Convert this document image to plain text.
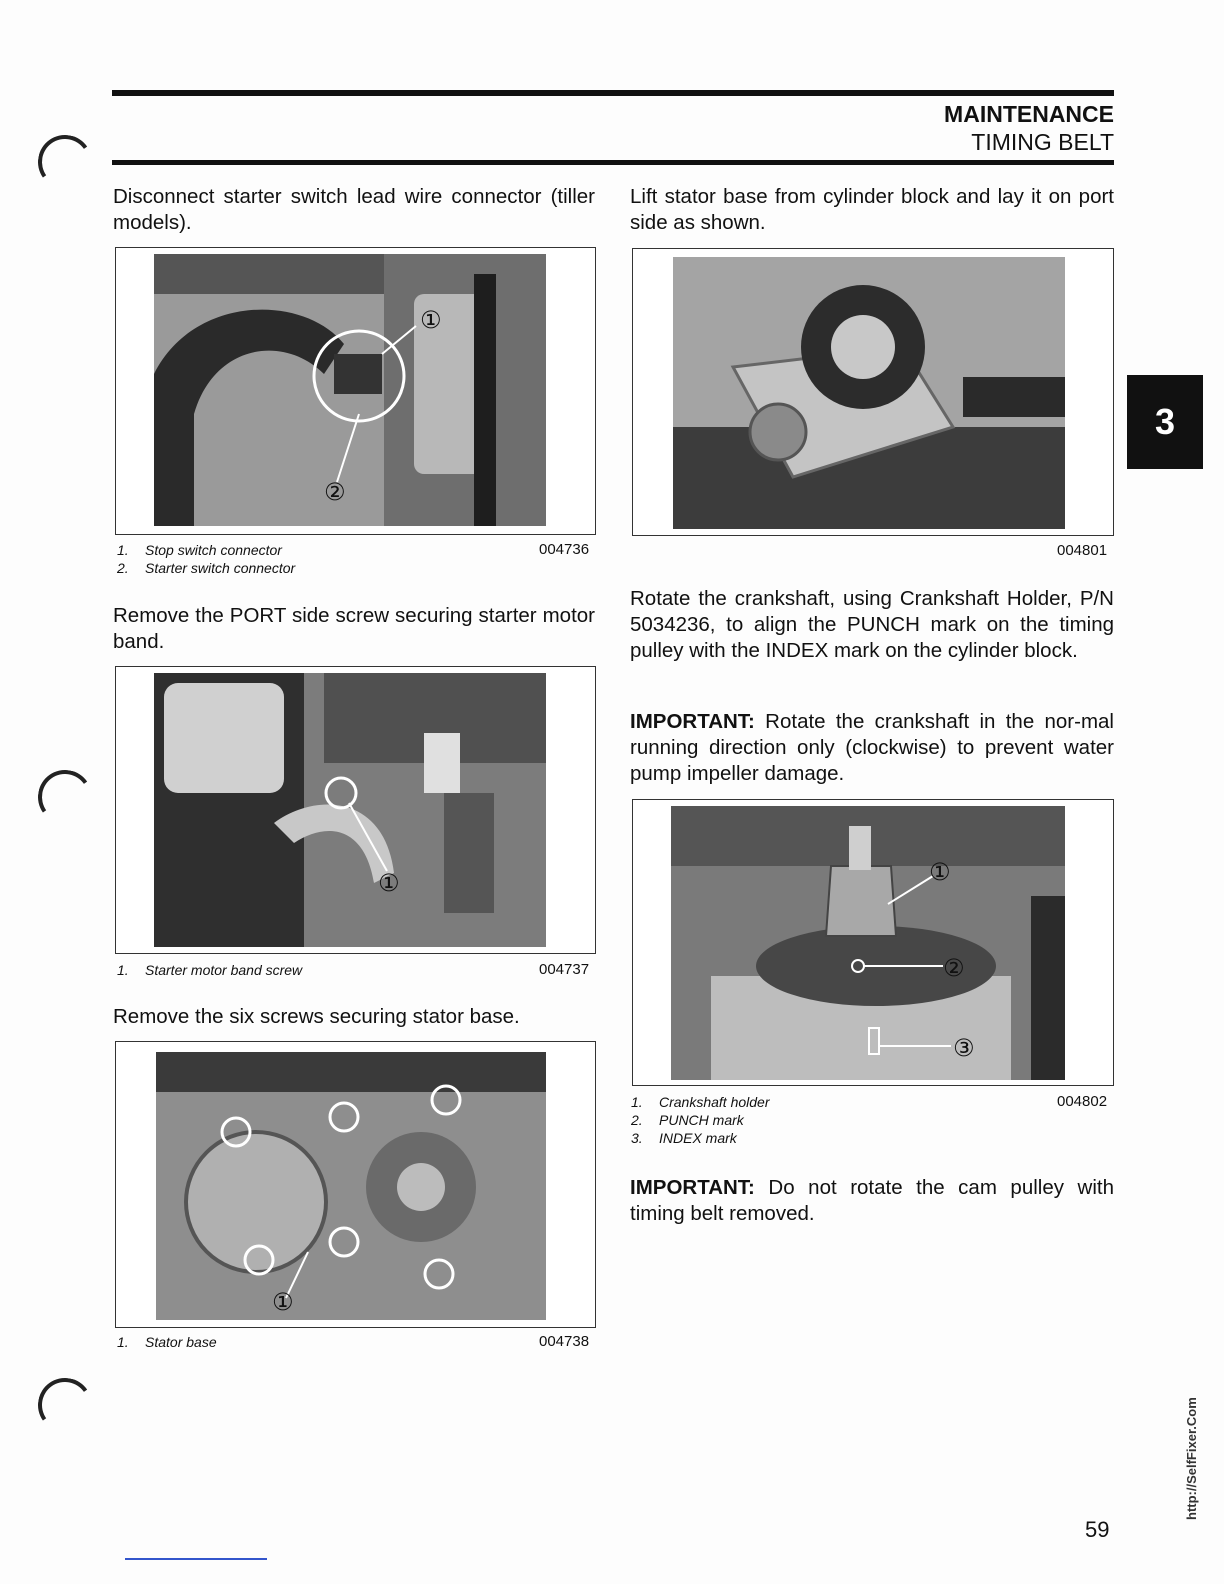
MAINTENANCE
TIMING BELT
3

Disconnect starter switch lead wire connector (tiller models).

①
②
1. Stop switch connector
2. Starter switch connector
004736

Remove the PORT side screw securing starter motor band.

①
1. Starter motor band screw	004737

Remove the six screws securing stator base.

①
1. Stator base	004738

Lift stator base from cylinder block and lay it on port side as shown.

004801

Rotate the crankshaft, using Crankshaft Holder, P/N 5034236, to align the PUNCH mark on the timing pulley with the INDEX mark on the cylinder block.

IMPORTANT: Rotate the crankshaft in the nor-mal running direction only (clockwise) to prevent water pump impeller damage.

①
②
③
1. Crankshaft holder
2. PUNCH mark
3. INDEX mark
004802

IMPORTANT: Do not rotate the cam pulley with timing belt removed.

59
http://SelfFixer.Com
